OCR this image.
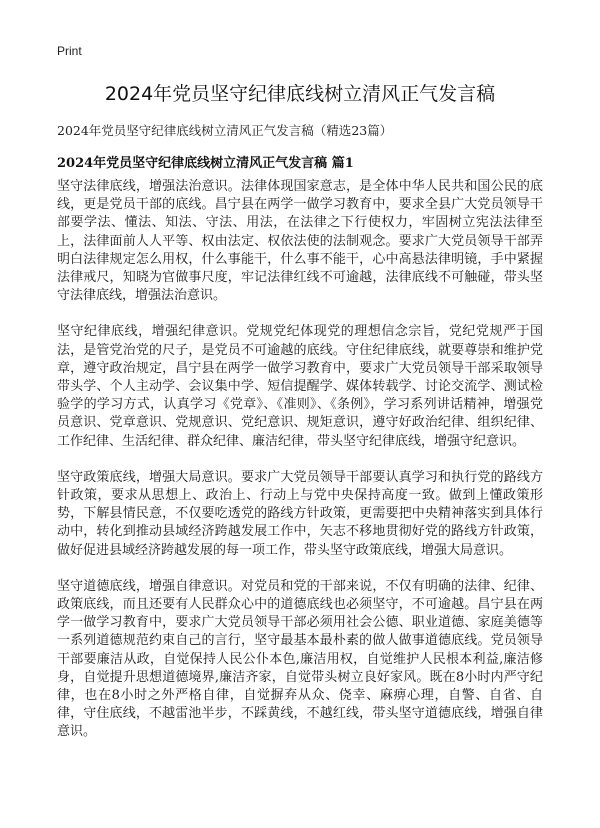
Print
2024年党员坚守纪律底线树立清风正气发言稿
2024年党员坚守纪律底线树立清风正气发言稿（精选23篇）
2024年党员坚守纪律底线树立清风正气发言稿 篇1

坚守法律底线，增强法治意识。法律体现国家意志，是全体中华人民共和国公民的底线，更是党员干部的底线。昌宁县在两学一做学习教育中，要求全县广大党员领导干部要学法、懂法、知法、守法、用法，在法律之下行使权力，牢固树立宪法法律至上，法律面前人人平等、权由法定、权依法使的法制观念。要求广大党员领导干部弄明白法律规定怎么用权，什么事能干，什么事不能干，心中高悬法律明镜，手中紧握法律戒尺，知晓为官做事尺度，牢记法律红线不可逾越，法律底线不可触碰，带头坚守法律底线，增强法治意识。

坚守纪律底线，增强纪律意识。党规党纪体现党的理想信念宗旨，党纪党规严于国法，是管党治党的尺子，是党员不可逾越的底线。守住纪律底线，就要尊崇和维护党章，遵守政治规定，昌宁县在两学一做学习教育中，要求广大党员领导干部采取领导带头学、个人主动学、会议集中学、短信提醒学、媒体转载学、讨论交流学、测试检验学的学习方式，认真学习《党章》、《准则》、《条例》，学习系列讲话精神，增强党员意识、党章意识、党规意识、党纪意识、规矩意识，遵守好政治纪律、组织纪律、工作纪律、生活纪律、群众纪律、廉洁纪律，带头坚守纪律底线，增强守纪意识。

坚守政策底线，增强大局意识。要求广大党员领导干部要认真学习和执行党的路线方针政策，要求从思想上、政治上、行动上与党中央保持高度一致。做到上懂政策形势，下解县情民意，不仅要吃透党的路线方针政策，更需要把中央精神落实到具体行动中，转化到推动县域经济跨越发展工作中，矢志不移地贯彻好党的路线方针政策，做好促进县域经济跨越发展的每一项工作，带头坚守政策底线，增强大局意识。

坚守道德底线，增强自律意识。对党员和党的干部来说，不仅有明确的法律、纪律、政策底线，而且还要有人民群众心中的道德底线也必须坚守，不可逾越。昌宁县在两学一做学习教育中，要求广大党员领导干部必须用社会公德、职业道德、家庭美德等一系列道德规范约束自己的言行，坚守最基本最朴素的做人做事道德底线。党员领导干部要廉洁从政，自觉保持人民公仆本色,廉洁用权，自觉维护人民根本利益,廉洁修身，自觉提升思想道德境界,廉洁齐家，自觉带头树立良好家风。既在8小时内严守纪律，也在8小时之外严格自律，自觉摒弃从众、侥幸、麻痹心理，自警、自省、自律，守住底线，不越雷池半步，不踩黄线，不越红线，带头坚守道德底线，增强自律意识。
